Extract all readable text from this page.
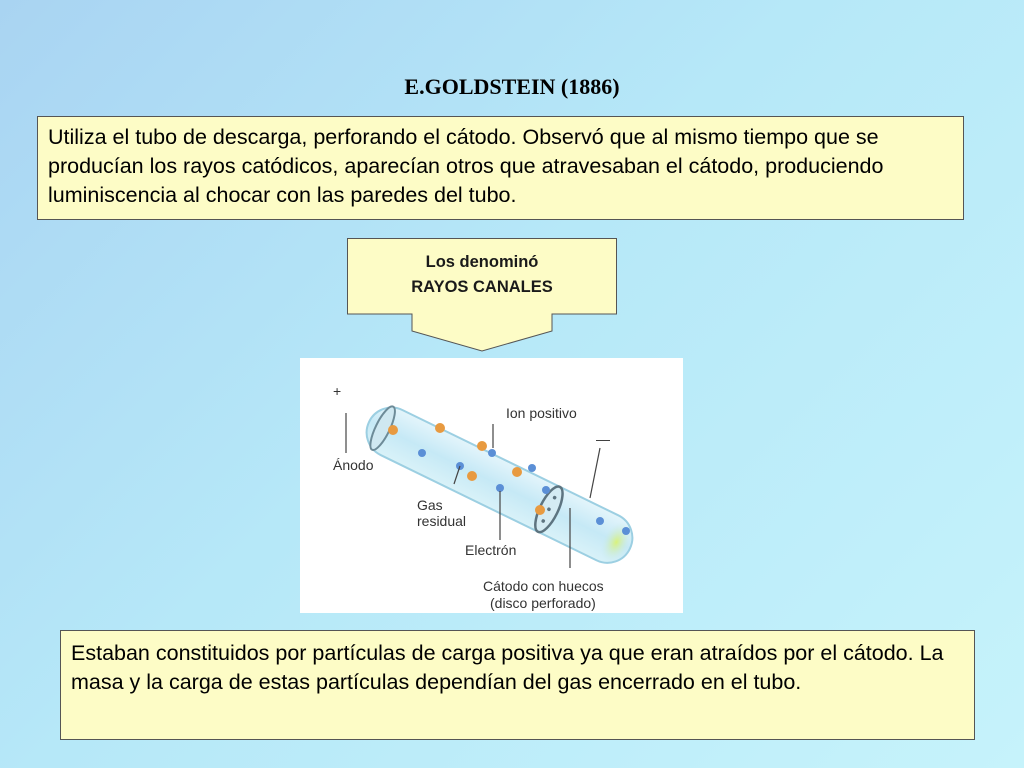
E.GOLDSTEIN (1886)
Utiliza el tubo de descarga, perforando el cátodo. Observó que al mismo tiempo que se producían los rayos catódicos, aparecían otros que atravesaban el cátodo, produciendo luminiscencia al chocar con las paredes del tubo.
Los denominó
RAYOS CANALES
+
—
Ánodo
Ion positivo
Gas
residual
Electrón
Cátodo con huecos
(disco perforado)
Estaban constituidos por partículas de carga positiva ya que eran atraídos por el cátodo. La masa y la carga de estas partículas dependían del gas encerrado en el tubo.
